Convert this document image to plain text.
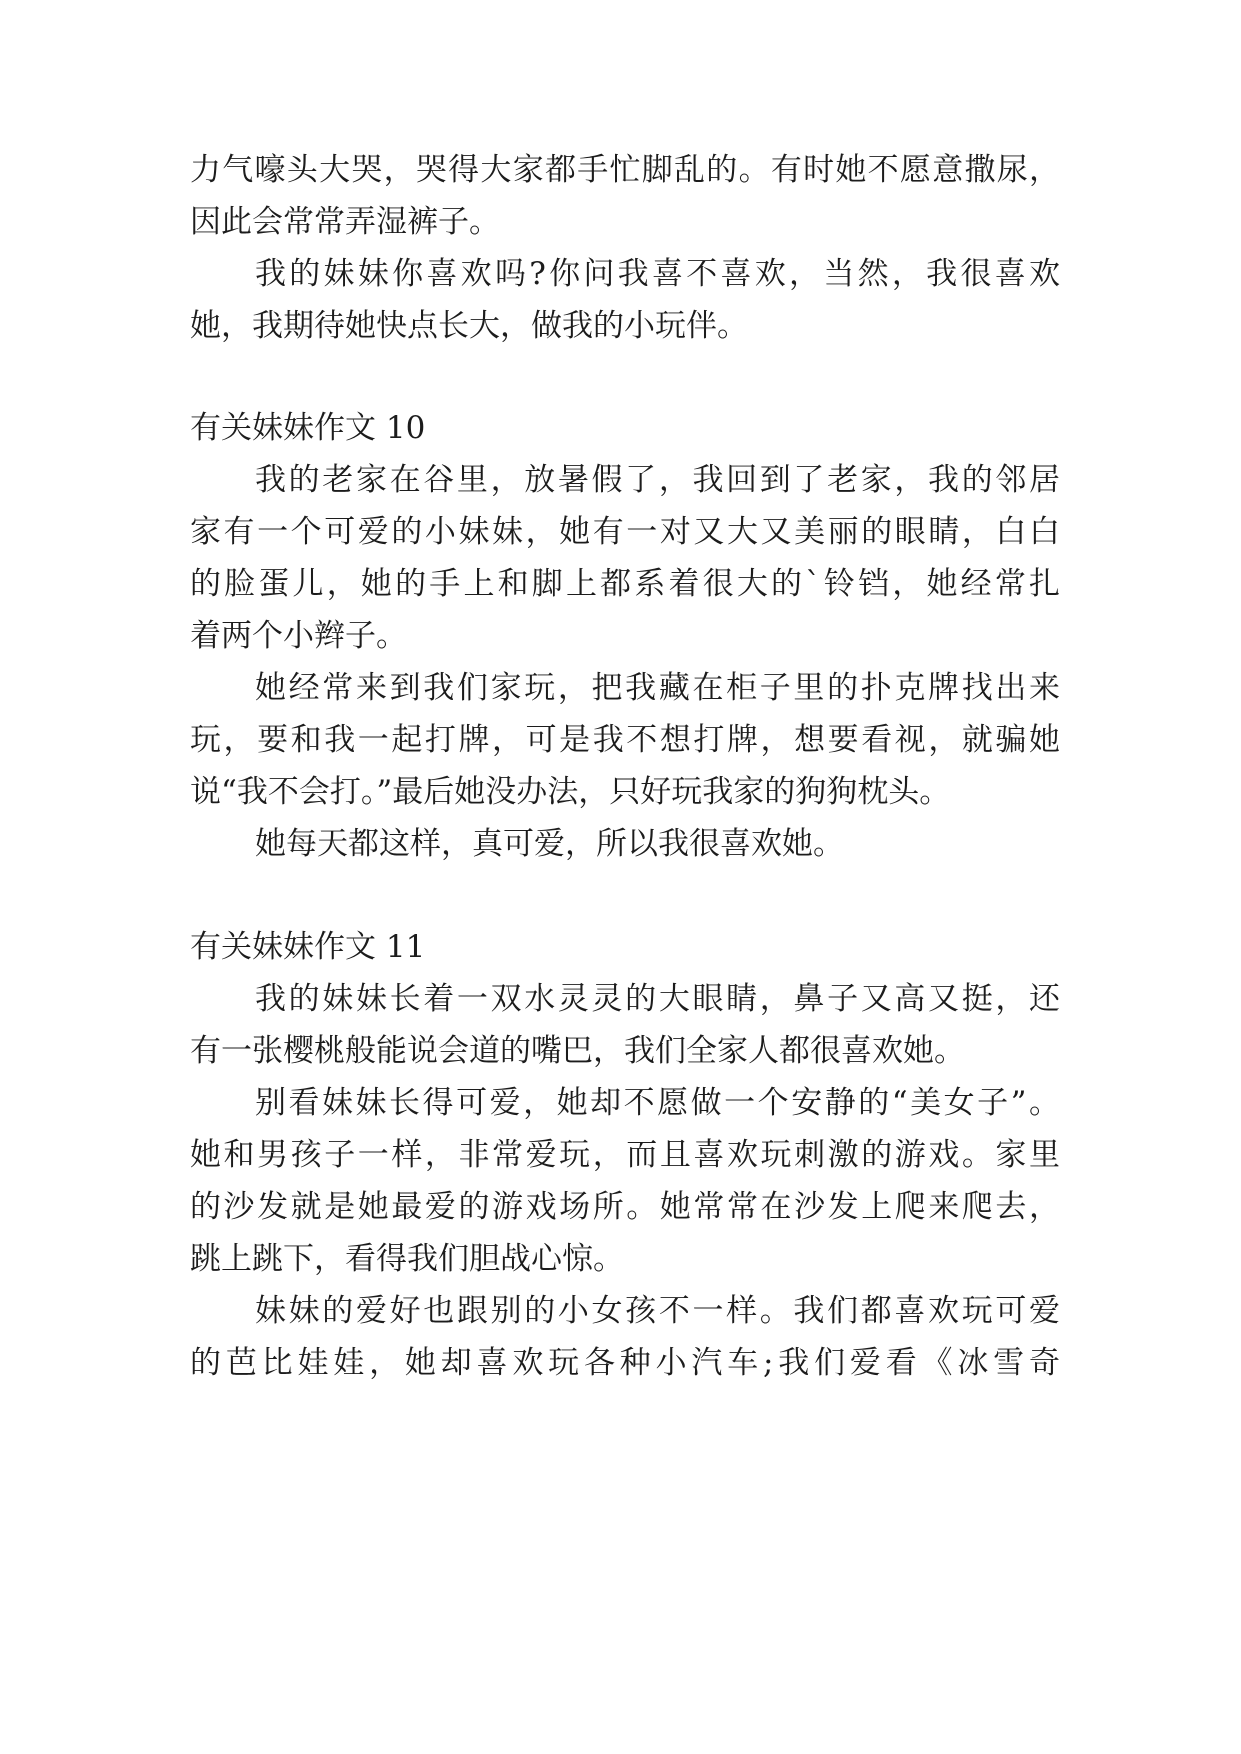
力气嚎头大哭，哭得大家都手忙脚乱的。有时她不愿意撒尿，

因此会常常弄湿裤子。

我的妹妹你喜欢吗?你问我喜不喜欢，当然，我很喜欢

她，我期待她快点长大，做我的小玩伴。

有关妹妹作文 10

我的老家在谷里，放暑假了，我回到了老家，我的邻居

家有一个可爱的小妹妹，她有一对又大又美丽的眼睛，白白

的脸蛋儿，她的手上和脚上都系着很大的`铃铛，她经常扎

着两个小辫子。

她经常来到我们家玩，把我藏在柜子里的扑克牌找出来

玩，要和我一起打牌，可是我不想打牌，想要看视，就骗她

说“我不会打。”最后她没办法，只好玩我家的狗狗枕头。

她每天都这样，真可爱，所以我很喜欢她。

有关妹妹作文 11

我的妹妹长着一双水灵灵的大眼睛，鼻子又高又挺，还

有一张樱桃般能说会道的嘴巴，我们全家人都很喜欢她。

别看妹妹长得可爱，她却不愿做一个安静的“美女子”。

她和男孩子一样，非常爱玩，而且喜欢玩刺激的游戏。家里

的沙发就是她最爱的游戏场所。她常常在沙发上爬来爬去，

跳上跳下，看得我们胆战心惊。

妹妹的爱好也跟别的小女孩不一样。我们都喜欢玩可爱

的芭比娃娃，她却喜欢玩各种小汽车;我们爱看《冰雪奇
